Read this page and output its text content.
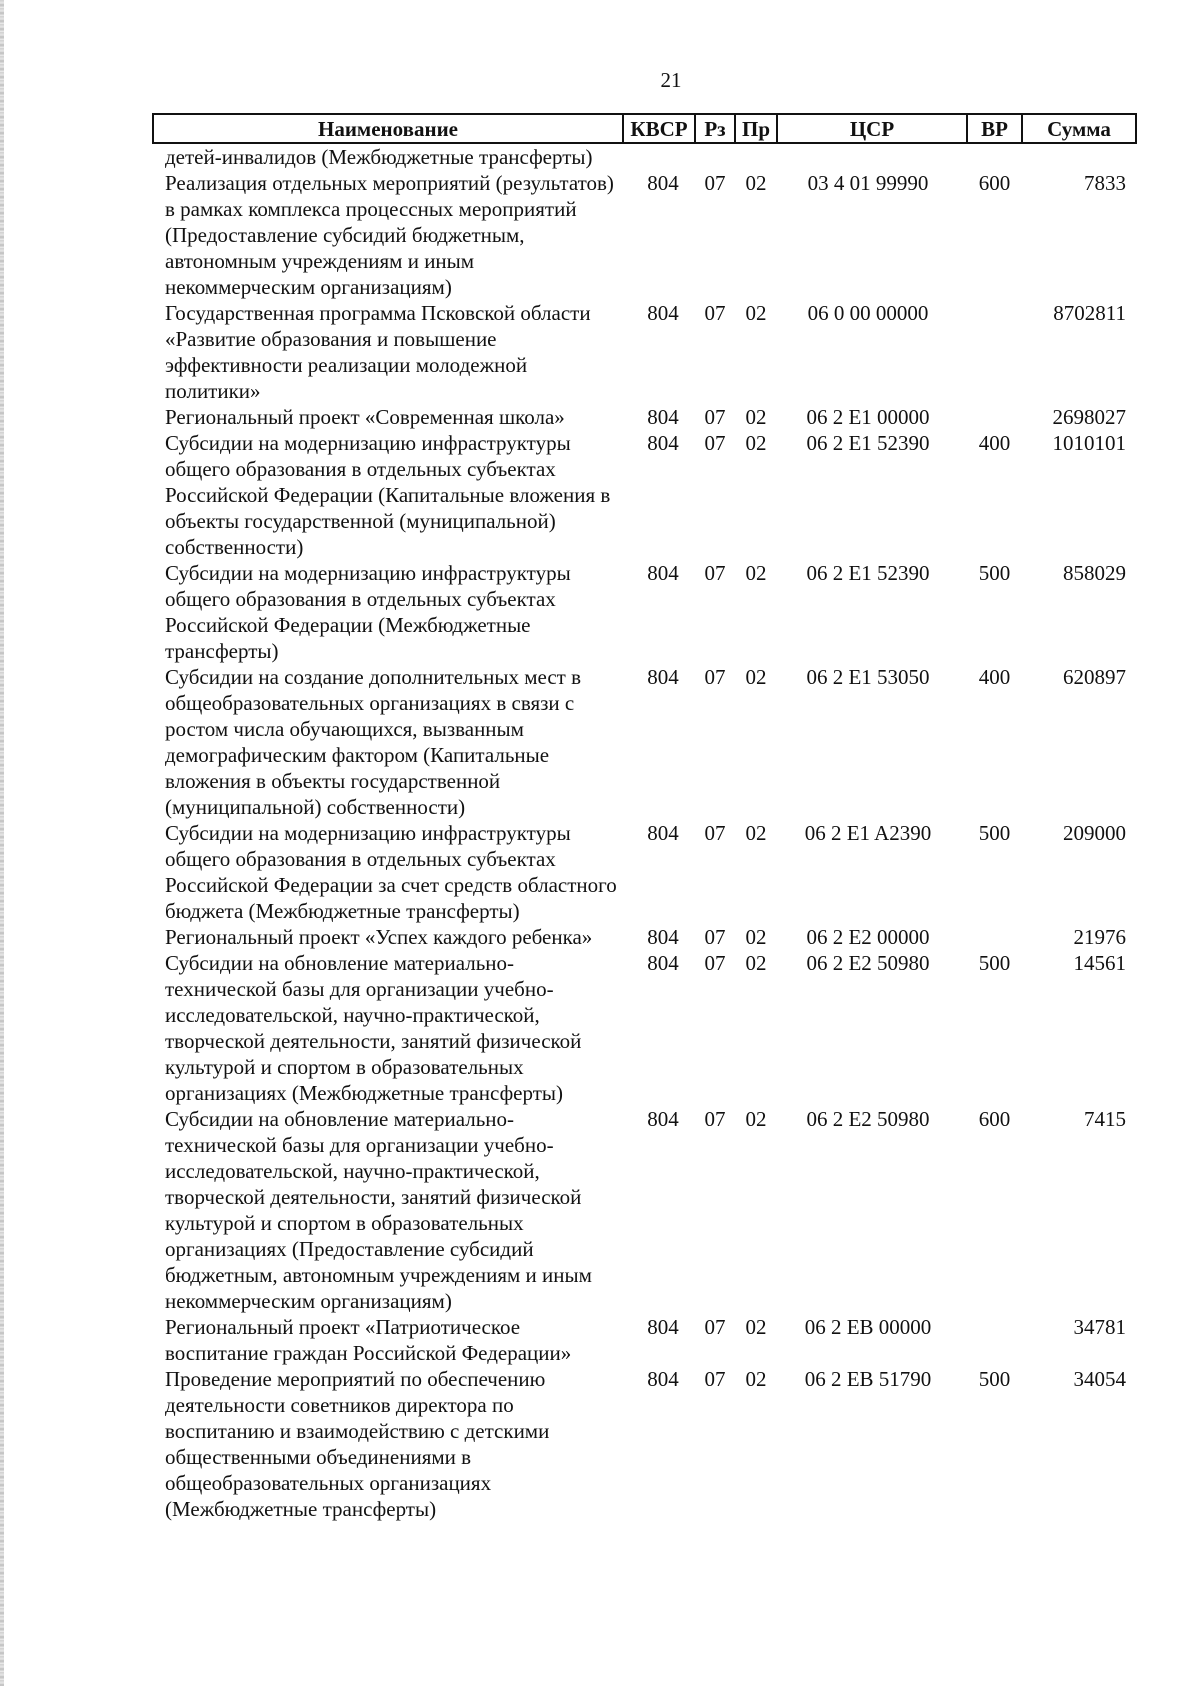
21
Наименование	КВСР	Рз	Пр	ЦСР	ВР	Сумма
детей-инвалидов (Межбюджетные трансферты)						
Реализация отдельных мероприятий (результатов) в рамках комплекса процессных мероприятий (Предоставление субсидий бюджетным, автономным учреждениям и иным некоммерческим организациям)	804	07	02	03 4 01 99990	600	7833
Государственная программа Псковской области «Развитие образования и повышение эффективности реализации молодежной политики»	804	07	02	06 0 00 00000		8702811
Региональный проект «Современная школа»	804	07	02	06 2 E1 00000		2698027
Субсидии на модернизацию инфраструктуры общего образования в отдельных субъектах Российской Федерации (Капитальные вложения в объекты государственной (муниципальной) собственности)	804	07	02	06 2 E1 52390	400	1010101
Субсидии на модернизацию инфраструктуры общего образования в отдельных субъектах Российской Федерации (Межбюджетные трансферты)	804	07	02	06 2 E1 52390	500	858029
Субсидии на создание дополнительных мест в общеобразовательных организациях в связи с ростом числа обучающихся, вызванным демографическим фактором (Капитальные вложения в объекты государственной (муниципальной) собственности)	804	07	02	06 2 E1 53050	400	620897
Субсидии на модернизацию инфраструктуры общего образования в отдельных субъектах Российской Федерации за счет средств областного бюджета (Межбюджетные трансферты)	804	07	02	06 2 E1 A2390	500	209000
Региональный проект «Успех каждого ребенка»	804	07	02	06 2 E2 00000		21976
Субсидии на обновление материально-технической базы для организации учебно-исследовательской, научно-практической, творческой деятельности, занятий физической культурой и спортом в образовательных организациях (Межбюджетные трансферты)	804	07	02	06 2 E2 50980	500	14561
Субсидии на обновление материально-технической базы для организации учебно-исследовательской, научно-практической, творческой деятельности, занятий физической культурой и спортом в образовательных организациях (Предоставление субсидий бюджетным, автономным учреждениям и иным некоммерческим организациям)	804	07	02	06 2 E2 50980	600	7415
Региональный проект «Патриотическое воспитание граждан Российской Федерации»	804	07	02	06 2 EB 00000		34781
Проведение мероприятий по обеспечению деятельности советников директора по воспитанию и взаимодействию с детскими общественными объединениями в общеобразовательных организациях (Межбюджетные трансферты)	804	07	02	06 2 EB 51790	500	34054
